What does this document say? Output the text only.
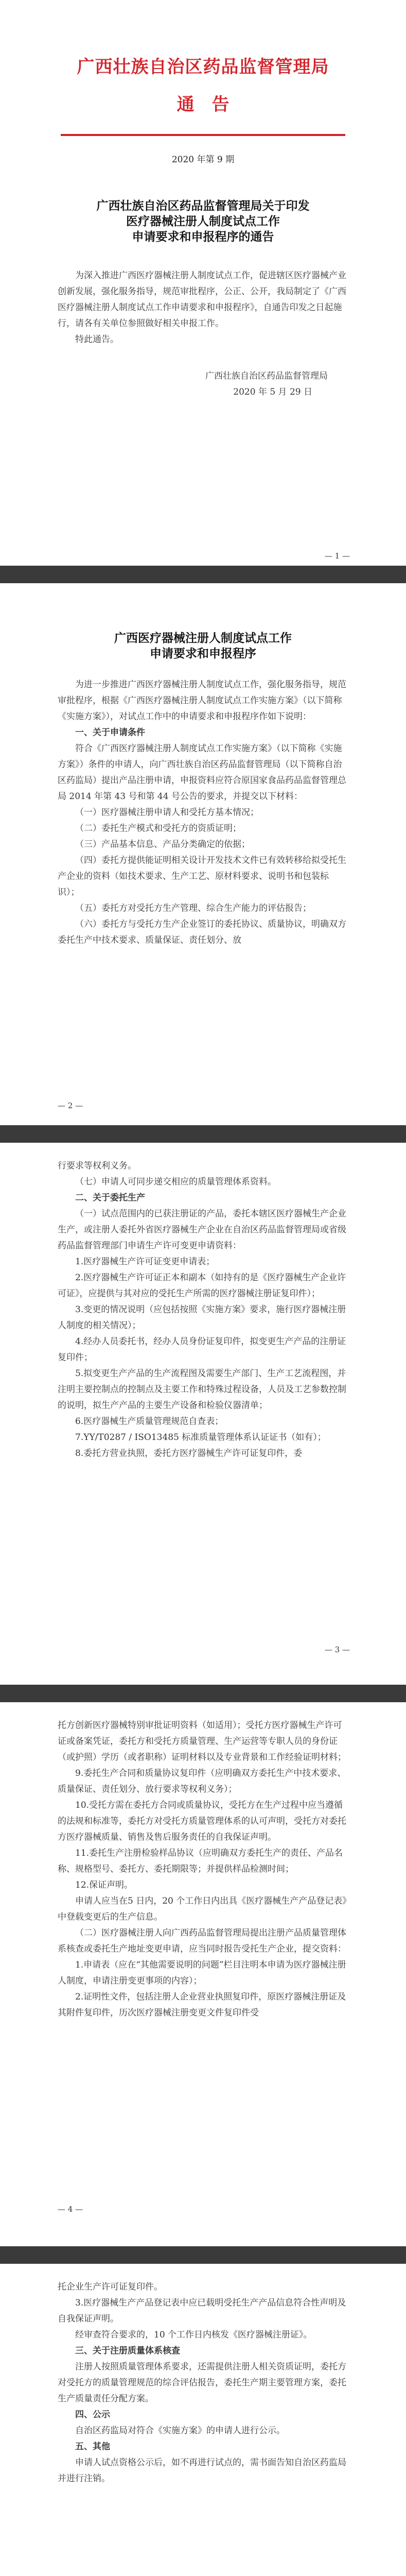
广西壮族自治区药品监督管理局
通　告
2020 年第 9 期
广西壮族自治区药品监督管理局关于印发
医疗器械注册人制度试点工作
申请要求和申报程序的通告

为深入推进广西医疗器械注册人制度试点工作，促进辖区医疗器械产业创新发展，强化服务指导，规范审批程序，公正、公开，我局制定了《广西医疗器械注册人制度试点工作申请要求和申报程序》，自通告印发之日起施行，请各有关单位参照做好相关申报工作。

特此通告。

广西壮族自治区药品监督管理局

2020 年 5 月 29 日

— 1 —
广西医疗器械注册人制度试点工作
申请要求和申报程序

为进一步推进广西医疗器械注册人制度试点工作，强化服务指导，规范审批程序，根据《广西医疗器械注册人制度试点工作实施方案》（以下简称《实施方案》），对试点工作中的申请要求和申报程序作如下说明：

一、关于申请条件

符合《广西医疗器械注册人制度试点工作实施方案》（以下简称《实施方案》）条件的申请人，向广西壮族自治区药品监督管理局（以下简称自治区药监局）提出产品注册申请，申报资料应符合原国家食品药品监督管理总局 2014 年第 43 号和第 44 号公告的要求，并提交以下材料：

（一）医疗器械注册申请人和受托方基本情况；

（二）委托生产模式和受托方的资质证明；

（三）产品基本信息、产品分类确定的依据；

（四）委托方提供能证明相关设计开发技术文件已有效转移给拟受托生产企业的资料（如技术要求、生产工艺、原材料要求、说明书和包装标识）；

（五）委托方对受托方生产管理、综合生产能力的评估报告；

（六）委托方与受托方生产企业签订的委托协议、质量协议，明确双方委托生产中技术要求、质量保证、责任划分、放

— 2 —

行要求等权利义务。

（七）申请人可同步递交相应的质量管理体系资料。

二、关于委托生产

（一）试点范围内的已获注册证的产品，委托本辖区医疗器械生产企业生产，或注册人委托外省医疗器械生产企业在自治区药品监督管理局或省级药品监督管理部门申请生产许可变更申请资料：

1.医疗器械生产许可证变更申请表；

2.医疗器械生产许可证正本和副本（如持有的是《医疗器械生产企业许可证》，应提供与其对应的受托生产所需的医疗器械注册证复印件）；

3.变更的情况说明（应包括按照《实施方案》要求，施行医疗器械注册人制度的相关情况）；

4.经办人员委托书，经办人员身份证复印件，拟变更生产产品的注册证复印件；

5.拟变更生产产品的生产流程图及需要生产部门、生产工艺流程图，并注明主要控制点的控制点及主要工作和特殊过程设备，人员及工艺参数控制的说明，拟生产产品的主要生产设备和检验仪器清单；

6.医疗器械生产质量管理规范自查表；

7.YY/T0287 / ISO13485 标准质量管理体系认证证书（如有）；

8.委托方营业执照，委托方医疗器械生产许可证复印件，委

— 3 —

托方创新医疗器械特别审批证明资料（如适用）；受托方医疗器械生产许可证或备案凭证，委托方和受托方质量管理、生产运营等专职人员的身份证（或护照）学历（或者职称）证明材料以及专业背景和工作经验证明材料；

9.委托生产合同和质量协议复印件（应明确双方委托生产中技术要求、质量保证、责任划分、放行要求等权利义务）；

10.受托方需在委托方合同或质量协议，受托方在生产过程中应当遵循的法规和标准等，委托方对受托方质量管理体系的认可声明，受托方对委托方医疗器械质量、销售及售后服务责任的自我保证声明。

11.委托生产注册检验样品协议（应明确双方委托生产的责任、产品名称、规格型号、委托方、委托期限等；并提供样品检测时间；

12.保证声明。

申请人应当在5 日内，20 个工作日内出具《医疗器械生产产品登记表》中登载变更后的生产信息。

（二）医疗器械注册人向广西药品监督管理局提出注册产品质量管理体系核查或委托生产地址变更申请，应当同时报告受托生产企业，提交资料：

1.申请表（应在“其他需要说明的问题”栏目注明本申请为医疗器械注册人制度，申请注册变更事项的内容）；

2.证明性文件，包括注册人企业营业执照复印件，原医疗器械注册证及其附件复印件，历次医疗器械注册变更文件复印件受

— 4 —

托企业生产许可证复印件。

3.医疗器械生产产品登记表中应已载明受托生产产品信息符合性声明及自我保证声明。

经审查符合要求的，10 个工作日内核发《医疗器械注册证》。

三、关于注册质量体系核查

注册人按照质量管理体系要求，还需提供注册人相关资质证明，委托方对受托方的质量管理规范的综合评估报告，委托生产期主要管理方案，委托生产质量责任分配方案。

四、公示

自治区药监局对符合《实施方案》的申请人进行公示。

五、其他

申请人试点资格公示后，如不再进行试点的，需书面告知自治区药监局并进行注销。
